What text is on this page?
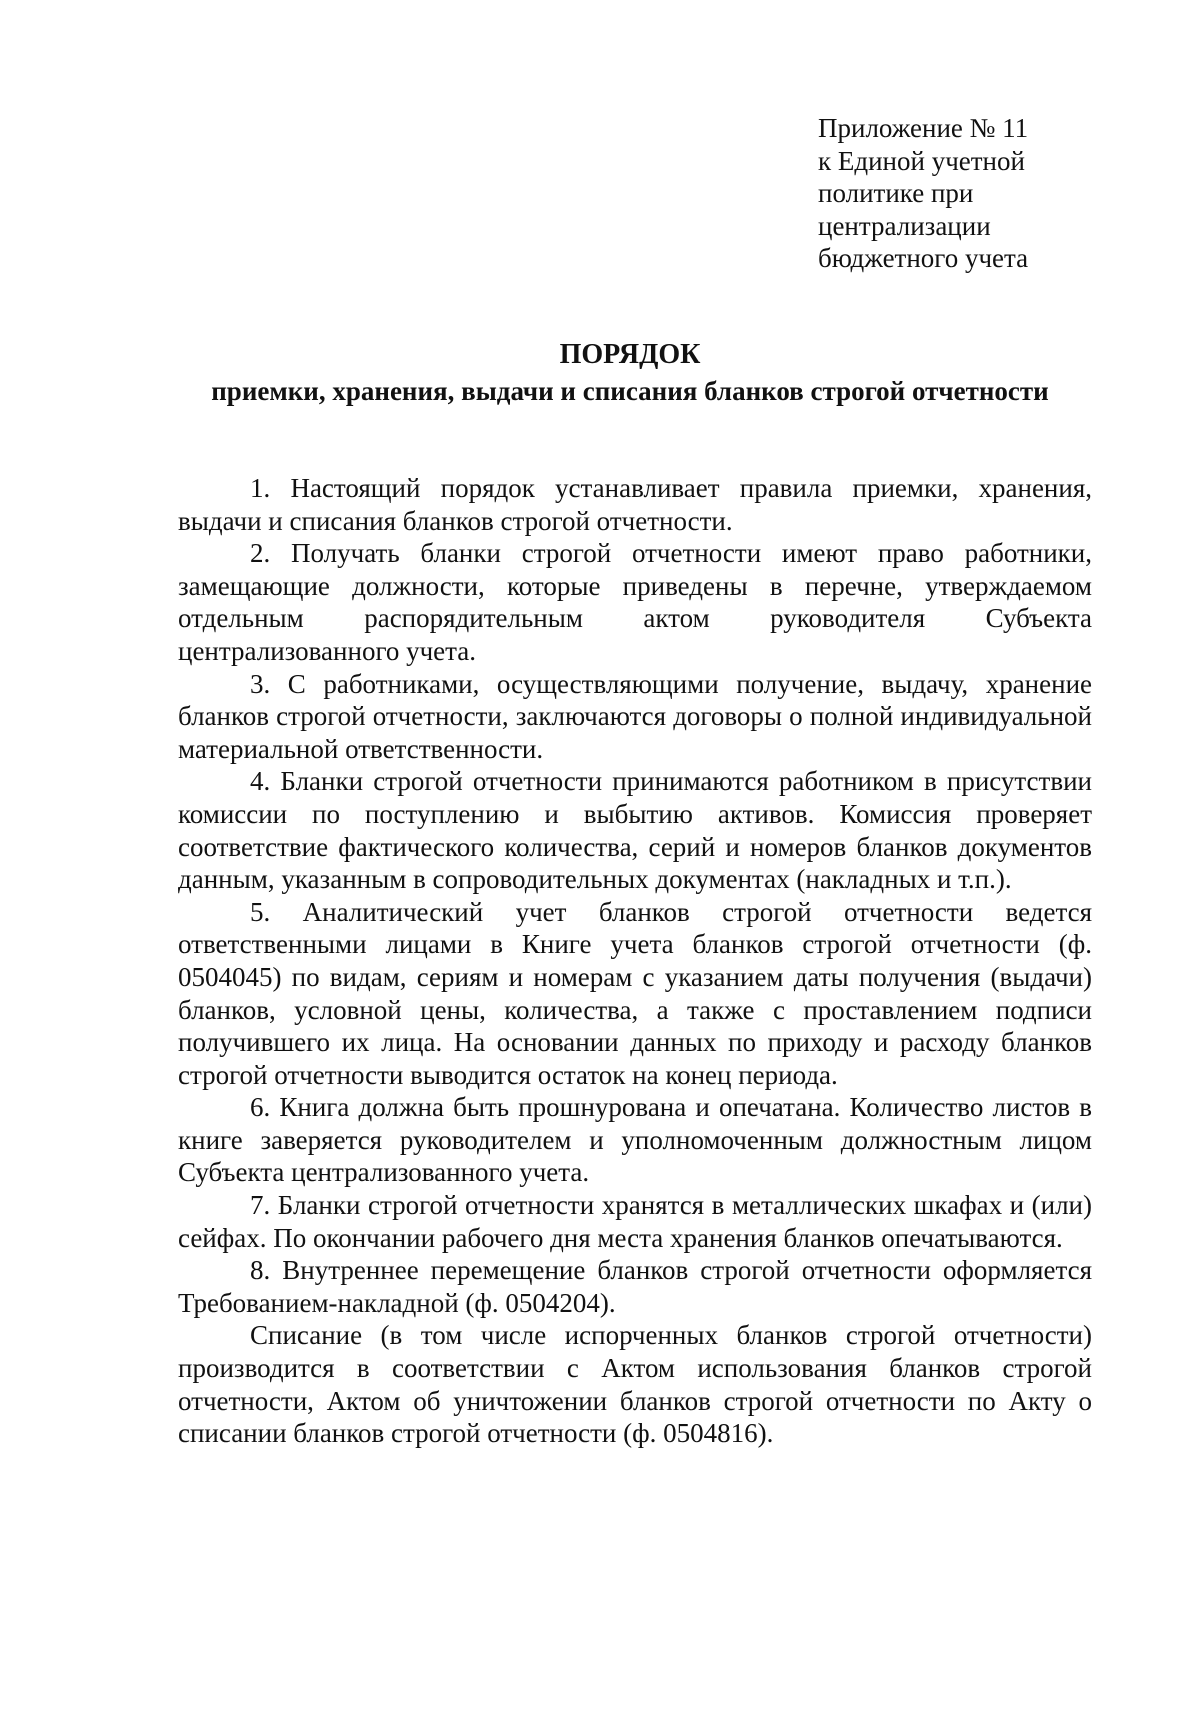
Приложение № 11
к Единой учетной
политике при
централизации
бюджетного учета
ПОРЯДОК
приемки, хранения, выдачи и списания бланков строгой отчетности

1. Настоящий порядок устанавливает правила приемки, хранения, выдачи и списания бланков строгой отчетности.

2. Получать бланки строгой отчетности имеют право работники, замещающие должности, которые приведены в перечне, утверждаемом отдельным распорядительным актом руководителя Субъекта централизованного учета.

3. С работниками, осуществляющими получение, выдачу, хранение бланков строгой отчетности, заключаются договоры о полной индивидуальной материальной ответственности.

4. Бланки строгой отчетности принимаются работником в присутствии комиссии по поступлению и выбытию активов. Комиссия проверяет соответствие фактического количества, серий и номеров бланков документов данным, указанным в сопроводительных документах (накладных и т.п.).

5. Аналитический учет бланков строгой отчетности ведется ответственными лицами в Книге учета бланков строгой отчетности (ф. 0504045) по видам, сериям и номерам с указанием даты получения (выдачи) бланков, условной цены, количества, а также с проставлением подписи получившего их лица. На основании данных по приходу и расходу бланков строгой отчетности выводится остаток на конец периода.

6. Книга должна быть прошнурована и опечатана. Количество листов в книге заверяется руководителем и уполномоченным должностным лицом Субъекта централизованного учета.

7. Бланки строгой отчетности хранятся в металлических шкафах и (или) сейфах. По окончании рабочего дня места хранения бланков опечатываются.

8. Внутреннее перемещение бланков строгой отчетности оформляется Требованием-накладной (ф. 0504204).

Списание (в том числе испорченных бланков строгой отчетности) производится в соответствии с Актом использования бланков строгой отчетности, Актом об уничтожении бланков строгой отчетности по Акту о списании бланков строгой отчетности (ф. 0504816).
